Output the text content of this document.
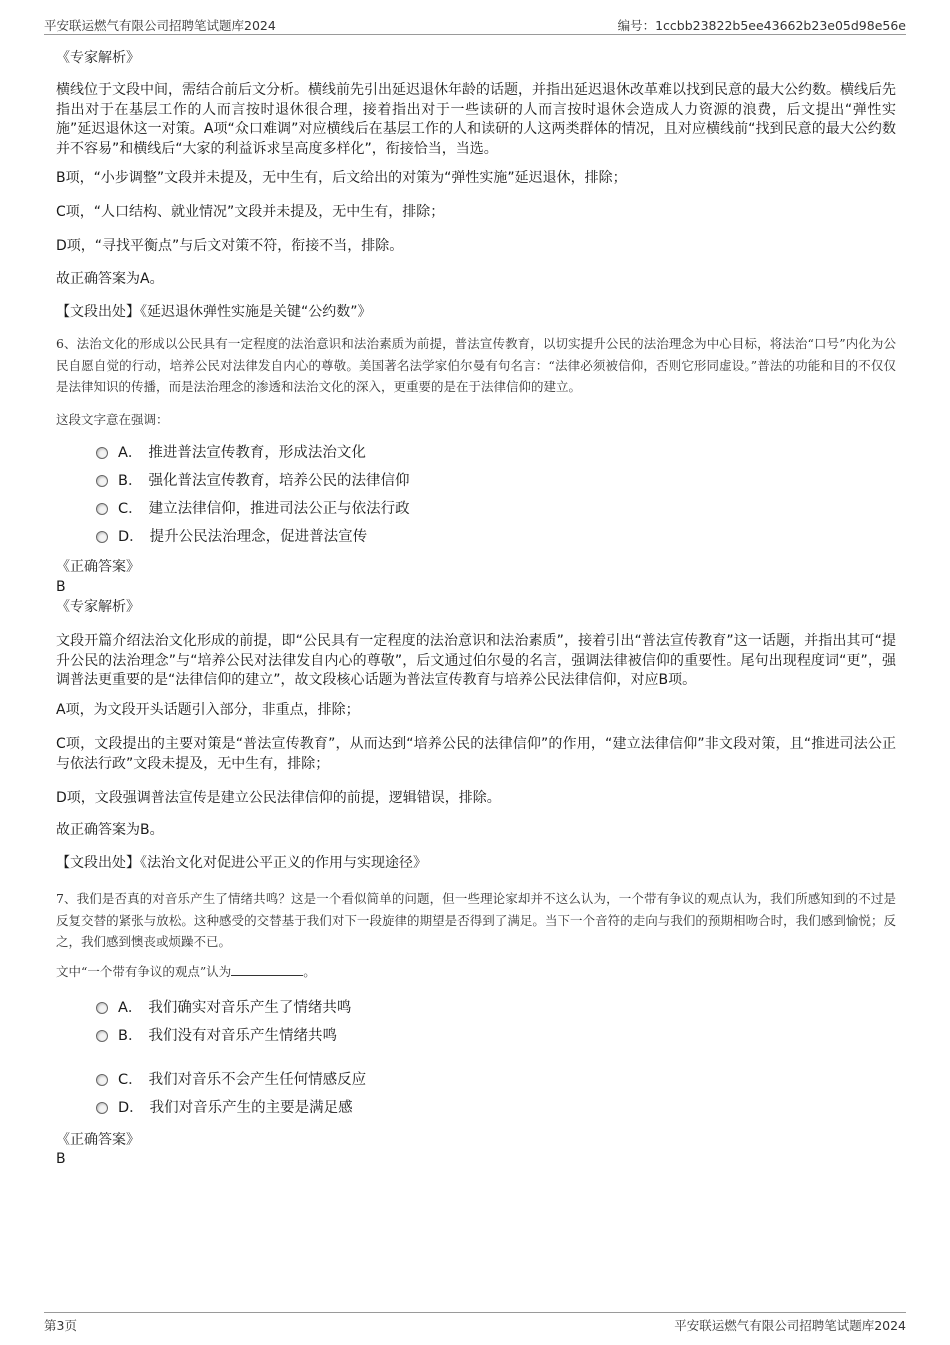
平安联运燃气有限公司招聘笔试题库2024	编号：1ccbb23822b5ee43662b23e05d98e56e
《专家解析》
横线位于文段中间，需结合前后文分析。横线前先引出延迟退休年龄的话题，并指出延迟退休改革难以找到民意的最大公约数。横线后先指出对于在基层工作的人而言按时退休很合理，接着指出对于一些读研的人而言按时退休会造成人力资源的浪费，后文提出“弹性实施”延迟退休这一对策。A项“众口难调”对应横线后在基层工作的人和读研的人这两类群体的情况，且对应横线前“找到民意的最大公约数并不容易”和横线后“大家的利益诉求呈高度多样化”，衔接恰当，当选。
B项，“小步调整”文段并未提及，无中生有，后文给出的对策为“弹性实施”延迟退休，排除；
C项，“人口结构、就业情况”文段并未提及，无中生有，排除；
D项，“寻找平衡点”与后文对策不符，衔接不当，排除。
故正确答案为A。
【文段出处】《延迟退休弹性实施是关键“公约数”》
6、法治文化的形成以公民具有一定程度的法治意识和法治素质为前提，普法宣传教育，以切实提升公民的法治理念为中心目标，将法治“口号”内化为公民自愿自觉的行动，培养公民对法律发自内心的尊敬。美国著名法学家伯尔曼有句名言：“法律必须被信仰，否则它形同虚设。”普法的功能和目的不仅仅是法律知识的传播，而是法治理念的渗透和法治文化的深入，更重要的是在于法律信仰的建立。
这段文字意在强调：
A． 推进普法宣传教育，形成法治文化
B． 强化普法宣传教育，培养公民的法律信仰
C． 建立法律信仰，推进司法公正与依法行政
D． 提升公民法治理念，促进普法宣传
《正确答案》
B
《专家解析》
文段开篇介绍法治文化形成的前提，即“公民具有一定程度的法治意识和法治素质”，接着引出“普法宣传教育”这一话题，并指出其可“提升公民的法治理念”与“培养公民对法律发自内心的尊敬”，后文通过伯尔曼的名言，强调法律被信仰的重要性。尾句出现程度词“更”，强调普法更重要的是“法律信仰的建立”，故文段核心话题为普法宣传教育与培养公民法律信仰，对应B项。
A项，为文段开头话题引入部分，非重点，排除；
C项，文段提出的主要对策是“普法宣传教育”，从而达到“培养公民的法律信仰”的作用，“建立法律信仰”非文段对策，且“推进司法公正与依法行政”文段未提及，无中生有，排除；
D项，文段强调普法宣传是建立公民法律信仰的前提，逻辑错误，排除。
故正确答案为B。
【文段出处】《法治文化对促进公平正义的作用与实现途径》
7、我们是否真的对音乐产生了情绪共鸣？这是一个看似简单的问题，但一些理论家却并不这么认为，一个带有争议的观点认为，我们所感知到的不过是反复交替的紧张与放松。这种感受的交替基于我们对下一段旋律的期望是否得到了满足。当下一个音符的走向与我们的预期相吻合时，我们感到愉悦；反之，我们感到懊丧或烦躁不已。
文中“一个带有争议的观点”认为	。
A． 我们确实对音乐产生了情绪共鸣
B． 我们没有对音乐产生情绪共鸣
C． 我们对音乐不会产生任何情感反应
D． 我们对音乐产生的主要是满足感
《正确答案》
B
第3页	平安联运燃气有限公司招聘笔试题库2024
